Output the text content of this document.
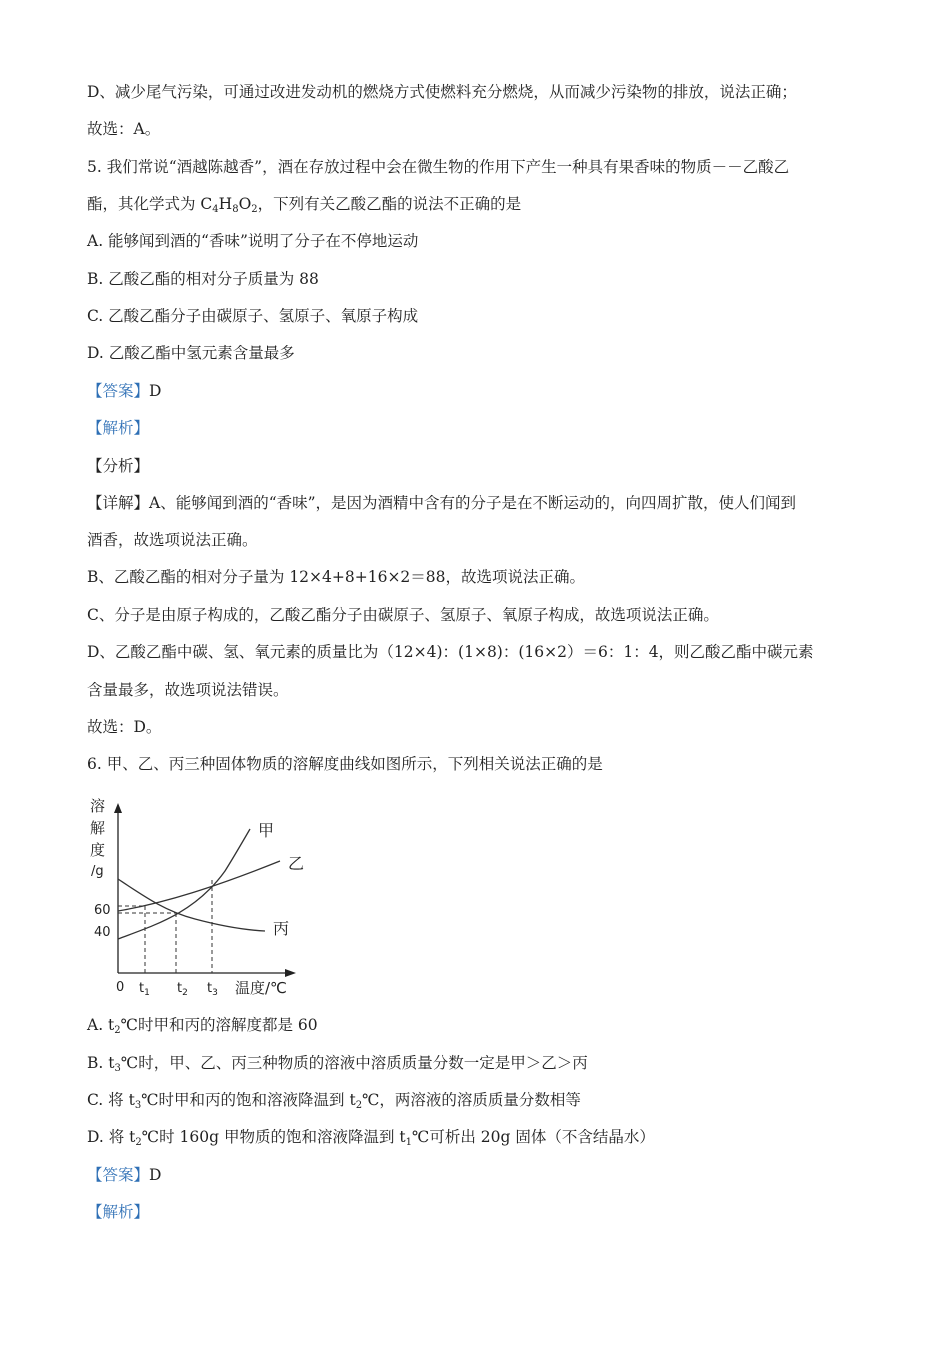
D、减少尾气污染，可通过改进发动机的燃烧方式使燃料充分燃烧，从而减少污染物的排放，说法正确；
故选：A。
5. 我们常说“酒越陈越香”，酒在存放过程中会在微生物的作用下产生一种具有果香味的物质－－乙酸乙
酯，其化学式为 $C_4H_8O_2$，下列有关乙酸乙酯的说法不正确的是
A. 能够闻到酒的“香味”说明了分子在不停地运动
B. 乙酸乙酯的相对分子质量为 88
C. 乙酸乙酯分子由碳原子、氢原子、氧原子构成
D. 乙酸乙酯中氢元素含量最多
【答案】D
【解析】
【分析】
【详解】A、能够闻到酒的“香味”，是因为酒精中含有的分子是在不断运动的，向四周扩散，使人们闻到
酒香，故选项说法正确。
B、乙酸乙酯的相对分子量为 12×4+8+16×2＝88，故选项说法正确。
C、分子是由原子构成的，乙酸乙酯分子由碳原子、氢原子、氧原子构成，故选项说法正确。
D、乙酸乙酯中碳、氢、氧元素的质量比为（12×4)：(1×8)：(16×2）＝6：1：4，则乙酸乙酯中碳元素
含量最多，故选项说法错误。
故选：D。
6. 甲、乙、丙三种固体物质的溶解度曲线如图所示，下列相关说法正确的是
溶
解
度
/g
60
40
0 $t_1$ $t_2$ $t_3$ 温度/℃
甲
乙
丙
A. $t_2℃$时甲和丙的溶解度都是 60
B. $t_3℃$时，甲、乙、丙三种物质的溶液中溶质质量分数一定是甲＞乙＞丙
C. 将 $t_3℃$时甲和丙的饱和溶液降温到 $t_2℃$，两溶液的溶质质量分数相等
D. 将 $t_2℃$时 160g 甲物质的饱和溶液降温到 $t_1℃$可析出 20g 固体（不含结晶水）
【答案】D
【解析】
